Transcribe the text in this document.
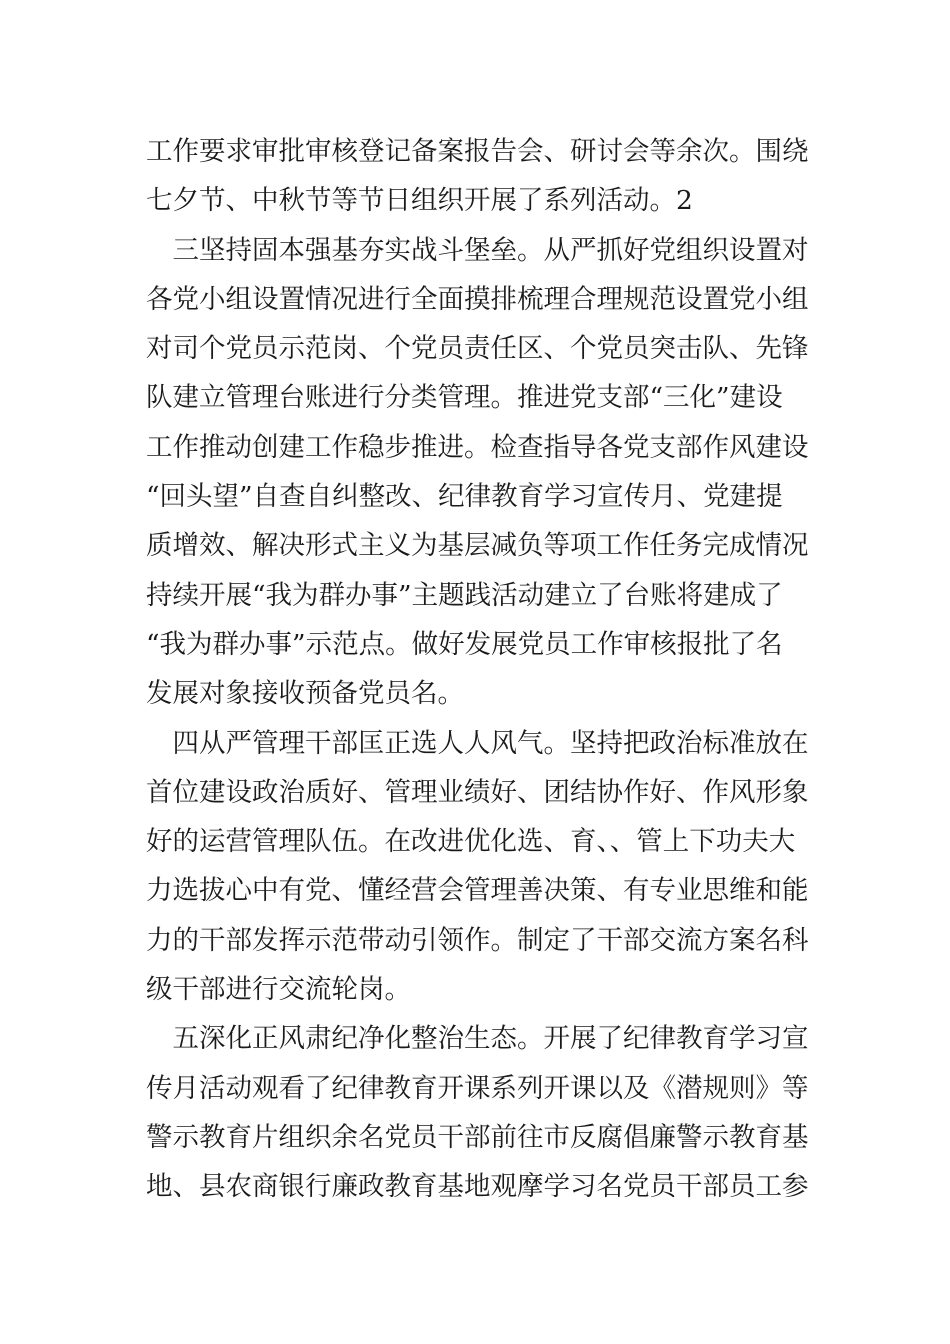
工作要求审批审核登记备案报告会、研讨会等余次。围绕
七夕节、中秋节等节日组织开展了系列活动。2
　三坚持固本强基夯实战斗堡垒。从严抓好党组织设置对
各党小组设置情况进行全面摸排梳理合理规范设置党小组
对司个党员示范岗、个党员责任区、个党员突击队、先锋
队建立管理台账进行分类管理。推进党支部“三化”建设
工作推动创建工作稳步推进。检查指导各党支部作风建设
“回头望”自查自纠整改、纪律教育学习宣传月、党建提
质增效、解决形式主义为基层减负等项工作任务完成情况
持续开展“我为群办事”主题践活动建立了台账将建成了
“我为群办事”示范点。做好发展党员工作审核报批了名
发展对象接收预备党员名。
　四从严管理干部匡正选人人风气。坚持把政治标准放在
首位建设政治质好、管理业绩好、团结协作好、作风形象
好的运营管理队伍。在改进优化选、育、、管上下功夫大
力选拔心中有党、懂经营会管理善决策、有专业思维和能
力的干部发挥示范带动引领作。制定了干部交流方案名科
级干部进行交流轮岗。
　五深化正风肃纪净化整治生态。开展了纪律教育学习宣
传月活动观看了纪律教育开课系列开课以及《潜规则》等
警示教育片组织余名党员干部前往市反腐倡廉警示教育基
地、县农商银行廉政教育基地观摩学习名党员干部员工参
